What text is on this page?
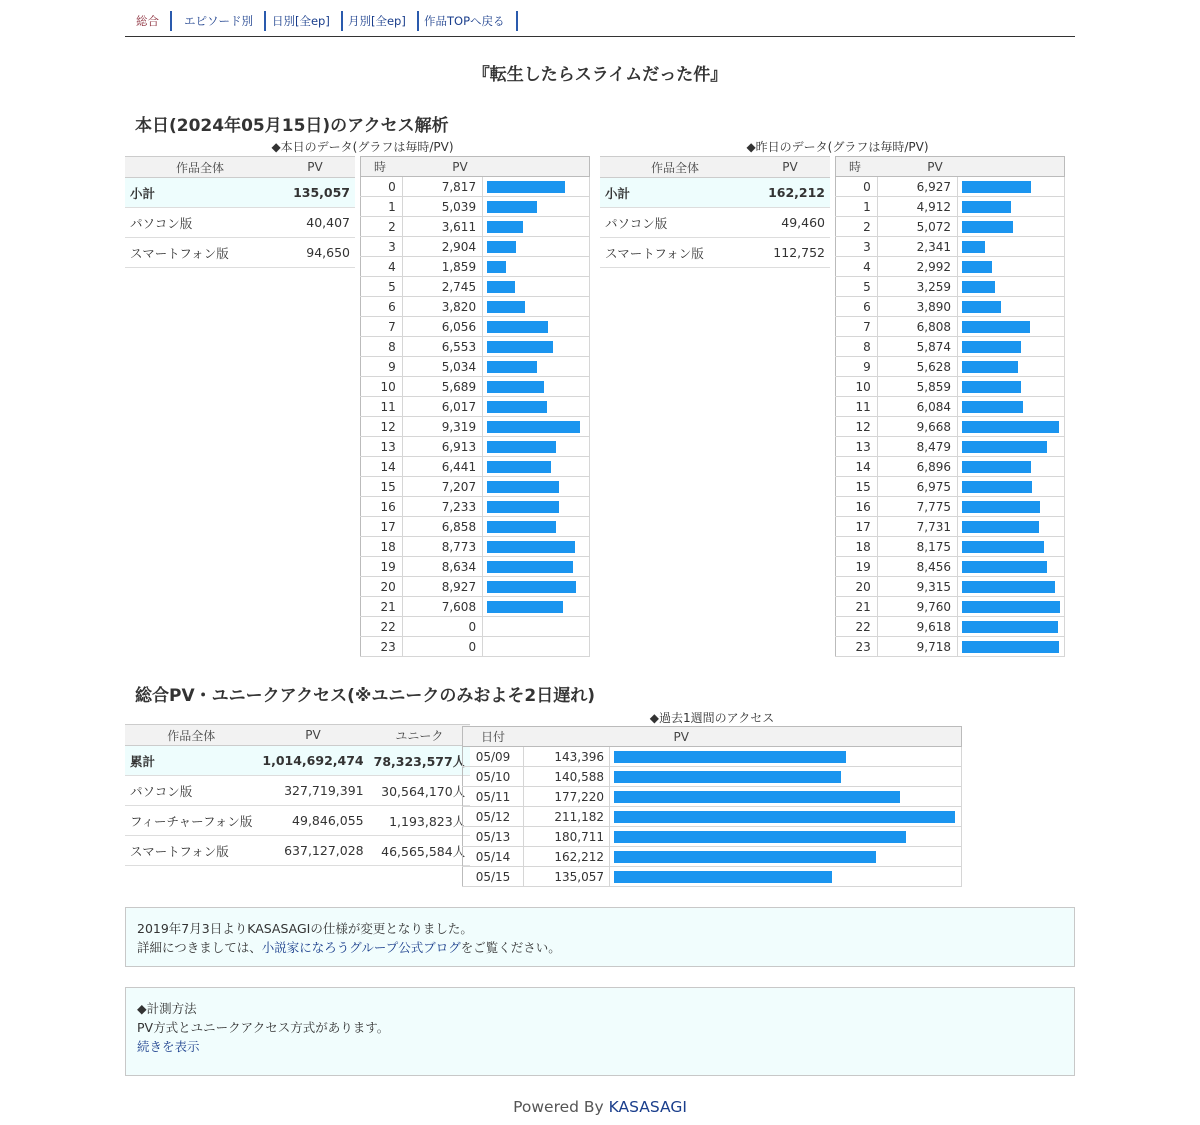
総合	エピソード別	日別[全ep]	月別[全ep]	作品TOPへ戻る
『転生したらスライムだった件』
本日(2024年05月15日)のアクセス解析
◆本日のデータ(グラフは毎時/PV)	◆昨日のデータ(グラフは毎時/PV)
作品全体	PV
小計	135,057
パソコン版	40,407
スマートフォン版	94,650
時	PV	
0	7,817	

1	5,039	

2	3,611	

3	2,904	

4	1,859	

5	2,745	

6	3,820	

7	6,056	

8	6,553	

9	5,034	

10	5,689	

11	6,017	

12	9,319	

13	6,913	

14	6,441	

15	7,207	

16	7,233	

17	6,858	

18	8,773	

19	8,634	

20	8,927	

21	7,608	

22	0	
23	0	
作品全体	PV
小計	162,212
パソコン版	49,460
スマートフォン版	112,752
時	PV	
0	6,927	

1	4,912	

2	5,072	

3	2,341	

4	2,992	

5	3,259	

6	3,890	

7	6,808	

8	5,874	

9	5,628	

10	5,859	

11	6,084	

12	9,668	

13	8,479	

14	6,896	

15	6,975	

16	7,775	

17	7,731	

18	8,175	

19	8,456	

20	9,315	

21	9,760	

22	9,618	

23	9,718	
総合PV・ユニークアクセス(※ユニークのみおよそ2日遅れ)
作品全体	PV	ユニーク
累計	1,014,692,474	78,323,577人
パソコン版	327,719,391	30,564,170人
フィーチャーフォン版	49,846,055	1,193,823人
スマートフォン版	637,127,028	46,565,584人
◆過去1週間のアクセス
日付	PV	
05/09	143,396	

05/10	140,588	

05/11	177,220	

05/12	211,182	

05/13	180,711	

05/14	162,212	

05/15	135,057	
2019年7月3日よりKASASAGIの仕様が変更となりました。
詳細につきましては、小説家になろうグループ公式ブログをご覧ください。
◆計測方法
PV方式とユニークアクセス方式があります。
続きを表示
Powered By KASASAGI
